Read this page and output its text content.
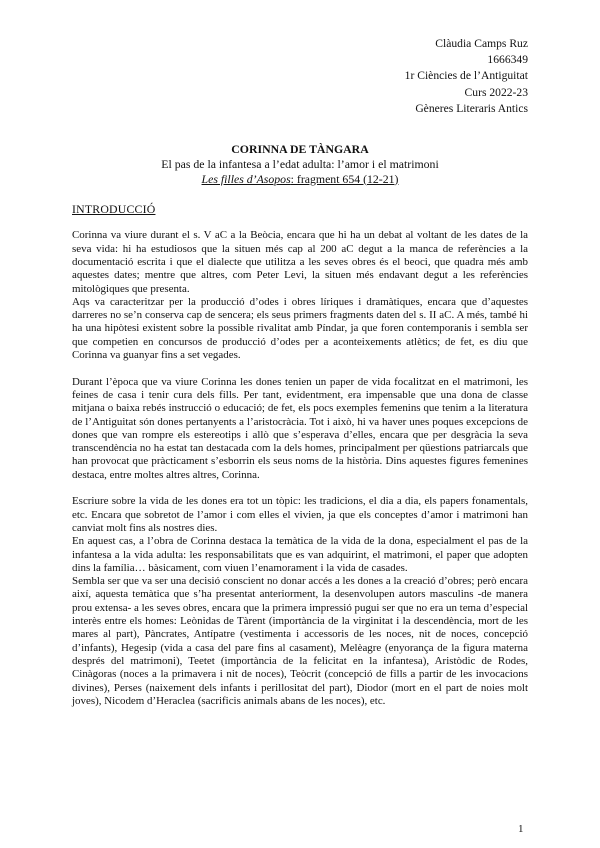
Clàudia Camps Ruz
1666349
1r Ciències de l’Antiguitat
Curs 2022-23
Gèneres Literaris Antics
CORINNA DE TÀNGARA
El pas de la infantesa a l’edat adulta: l’amor i el matrimoni
Les filles d’Asopos: fragment 654 (12-21)
INTRODUCCIÓ

Corinna va viure durant el s. V aC a la Beòcia, encara que hi ha un debat al voltant de les dates de la seva vida: hi ha estudiosos que la situen més cap al 200 aC degut a la manca de referències a la documentació escrita i que el dialecte que utilitza a les seves obres és el beoci, que quadra més amb aquestes dates; mentre que altres, com Peter Levi, la situen més endavant degut a les referències mitològiques que presenta.

Aqs va caracteritzar per la producció d’odes i obres líriques i dramàtiques, encara que d’aquestes darreres no se’n conserva cap de sencera; els seus primers fragments daten del s. II aC. A més, també hi ha una hipòtesi existent sobre la possible rivalitat amb Píndar, ja que foren contemporanis i sembla ser que competien en concursos de producció d’odes per a aconteixements atlètics; de fet, es diu que Corinna va guanyar fins a set vegades.

Durant l’època que va viure Corinna les dones tenien un paper de vida focalitzat en el matrimoni, les feines de casa i tenir cura dels fills. Per tant, evidentment, era impensable que una dona de classe mitjana o baixa rebés instrucció o educació; de fet, els pocs exemples femenins que tenim a la literatura de l’Antiguitat són dones pertanyents a l’aristocràcia. Tot i això, hi va haver unes poques excepcions de dones que van rompre els estereotips i allò que s’esperava d’elles, encara que per desgràcia la seva transcendència no ha estat tan destacada com la dels homes, principalment per qüestions patriarcals que han provocat que pràcticament s’esborrin els seus noms de la història. Dins aquestes figures femenines destaca, entre moltes altres altres, Corinna.

Escriure sobre la vida de les dones era tot un tòpic: les tradicions, el dia a dia, els papers fonamentals, etc. Encara que sobretot de l’amor i com elles el vivien, ja que els conceptes d’amor i matrimoni han canviat molt fins als nostres dies.

En aquest cas, a l’obra de Corinna destaca la temàtica de la vida de la dona, especialment el pas de la infantesa a la vida adulta: les responsabilitats que es van adquirint, el matrimoni, el paper que adopten dins la família… bàsicament, com viuen l’enamorament i la vida de casades.

Sembla ser que va ser una decisió conscient no donar accés a les dones a la creació d’obres; però encara així, aquesta temàtica que s’ha presentat anteriorment, la desenvolupen autors masculins -de manera prou extensa- a les seves obres, encara que la primera impressió pugui ser que no era un tema d’especial interès entre els homes: Leònidas de Tàrent (importància de la virginitat i la descendència, mort de les mares al part), Pàncrates, Antípatre (vestimenta i accessoris de les noces, nit de noces, concepció d’infants), Hegesip (vida a casa del pare fins al casament), Melèagre (enyorança de la figura materna després del matrimoni), Teetet (importància de la felicitat en la infantesa), Aristòdic de Rodes, Cinàgoras (noces a la primavera i nit de noces), Teòcrit (concepció de fills a partir de les invocacions divines), Perses (naixement dels infants i perillositat del part), Diodor (mort en el part de noies molt joves), Nicodem d’Heraclea (sacrificis animals abans de les noces), etc.

1
